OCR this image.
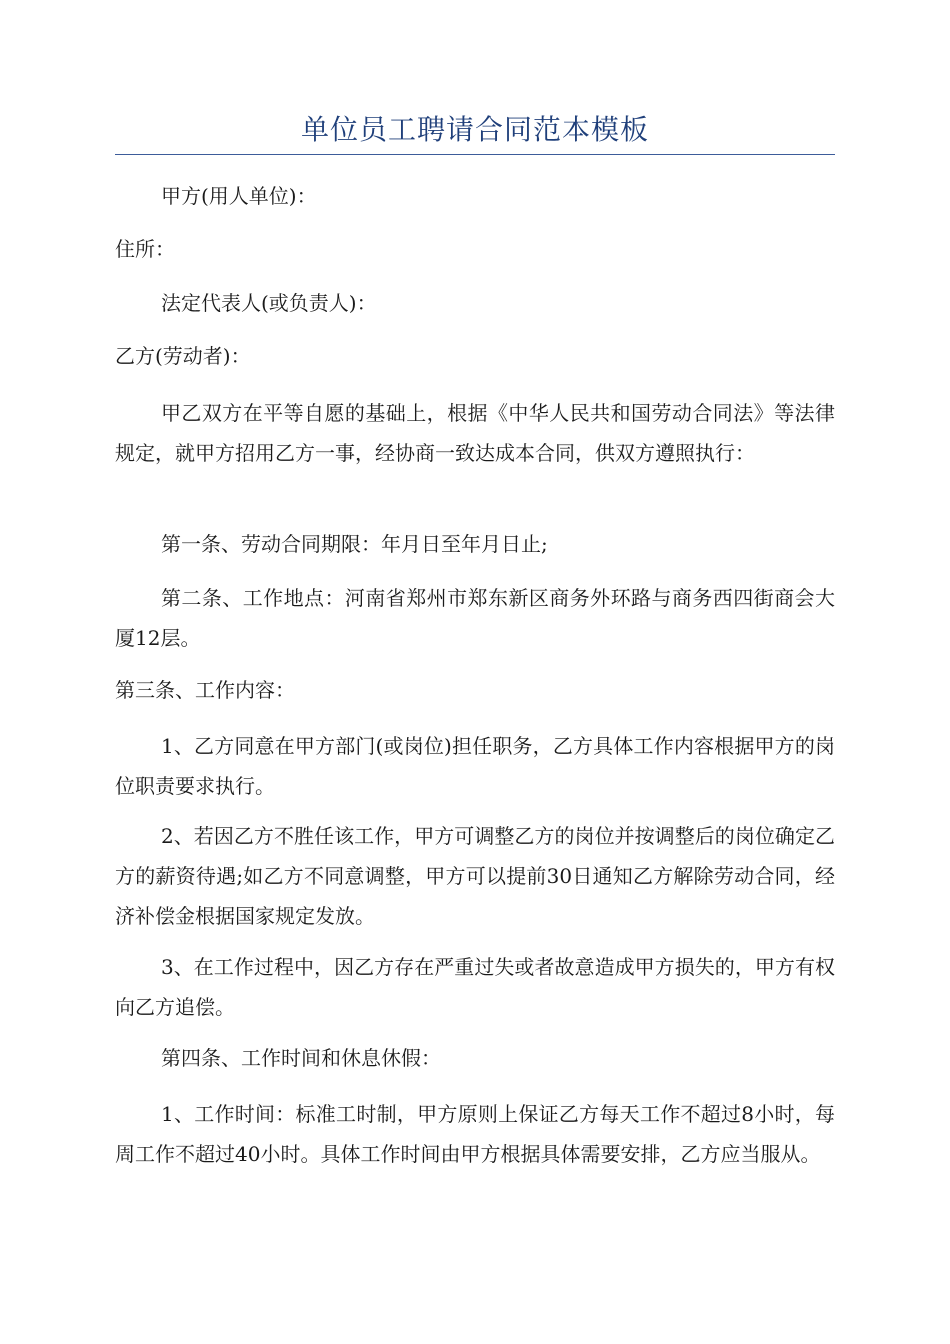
单位员工聘请合同范本模板

甲方(用人单位)：

住所：

法定代表人(或负责人)：

乙方(劳动者)：

甲乙双方在平等自愿的基础上，根据《中华人民共和国劳动合同法》等法律规定，就甲方招用乙方一事，经协商一致达成本合同，供双方遵照执行：

第一条、劳动合同期限：年月日至年月日止;

第二条、工作地点：河南省郑州市郑东新区商务外环路与商务西四街商会大厦12层。

第三条、工作内容：

1、乙方同意在甲方部门(或岗位)担任职务，乙方具体工作内容根据甲方的岗位职责要求执行。

2、若因乙方不胜任该工作，甲方可调整乙方的岗位并按调整后的岗位确定乙方的薪资待遇;如乙方不同意调整，甲方可以提前30日通知乙方解除劳动合同，经济补偿金根据国家规定发放。

3、在工作过程中，因乙方存在严重过失或者故意造成甲方损失的，甲方有权向乙方追偿。

第四条、工作时间和休息休假：

1、工作时间：标准工时制，甲方原则上保证乙方每天工作不超过8小时，每周工作不超过40小时。具体工作时间由甲方根据具体需要安排，乙方应当服从。
